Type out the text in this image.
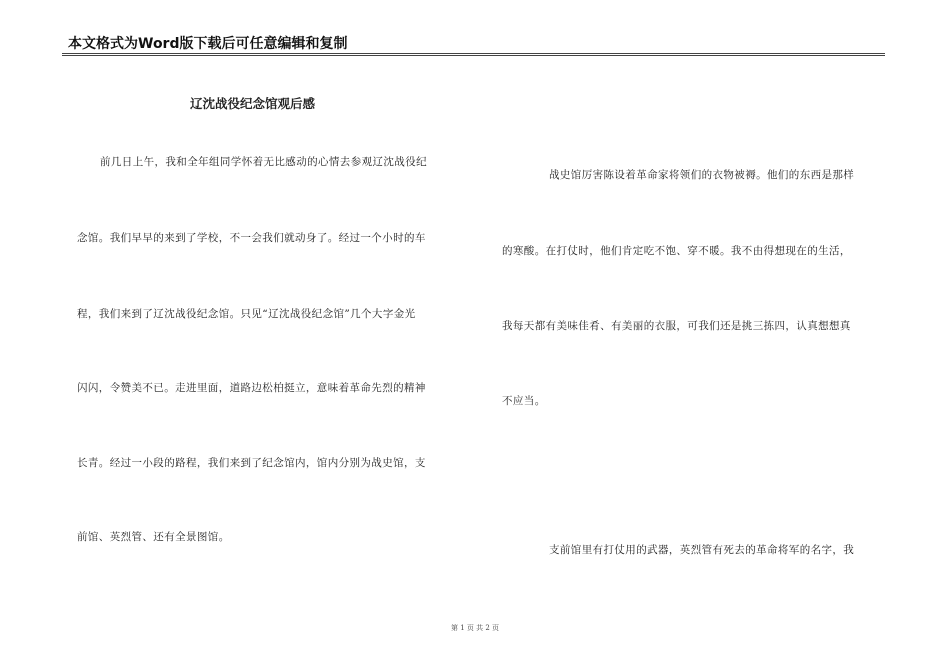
本文格式为Word版下载后可任意编辑和复制
辽沈战役纪念馆观后感
前几日上午，我和全年组同学怀着无比感动的心情去参观辽沈战役纪
念馆。我们早早的来到了学校，不一会我们就动身了。经过一个小时的车
程，我们来到了辽沈战役纪念馆。只见“辽沈战役纪念馆”几个大字金光
闪闪，令赞美不已。走进里面，道路边松柏挺立，意味着革命先烈的精神
长青。经过一小段的路程，我们来到了纪念馆内，馆内分别为战史馆，支
前馆、英烈管、还有全景图馆。
战史馆厉害陈设着革命家将领们的衣物被褥。他们的东西是那样
的寒酸。在打仗时，他们肯定吃不饱、穿不暖。我不由得想现在的生活，
我每天都有美味佳肴、有美丽的衣服，可我们还是挑三拣四，认真想想真
不应当。
支前馆里有打仗用的武器，英烈管有死去的革命将军的名字，我
第 1 页 共 2 页
